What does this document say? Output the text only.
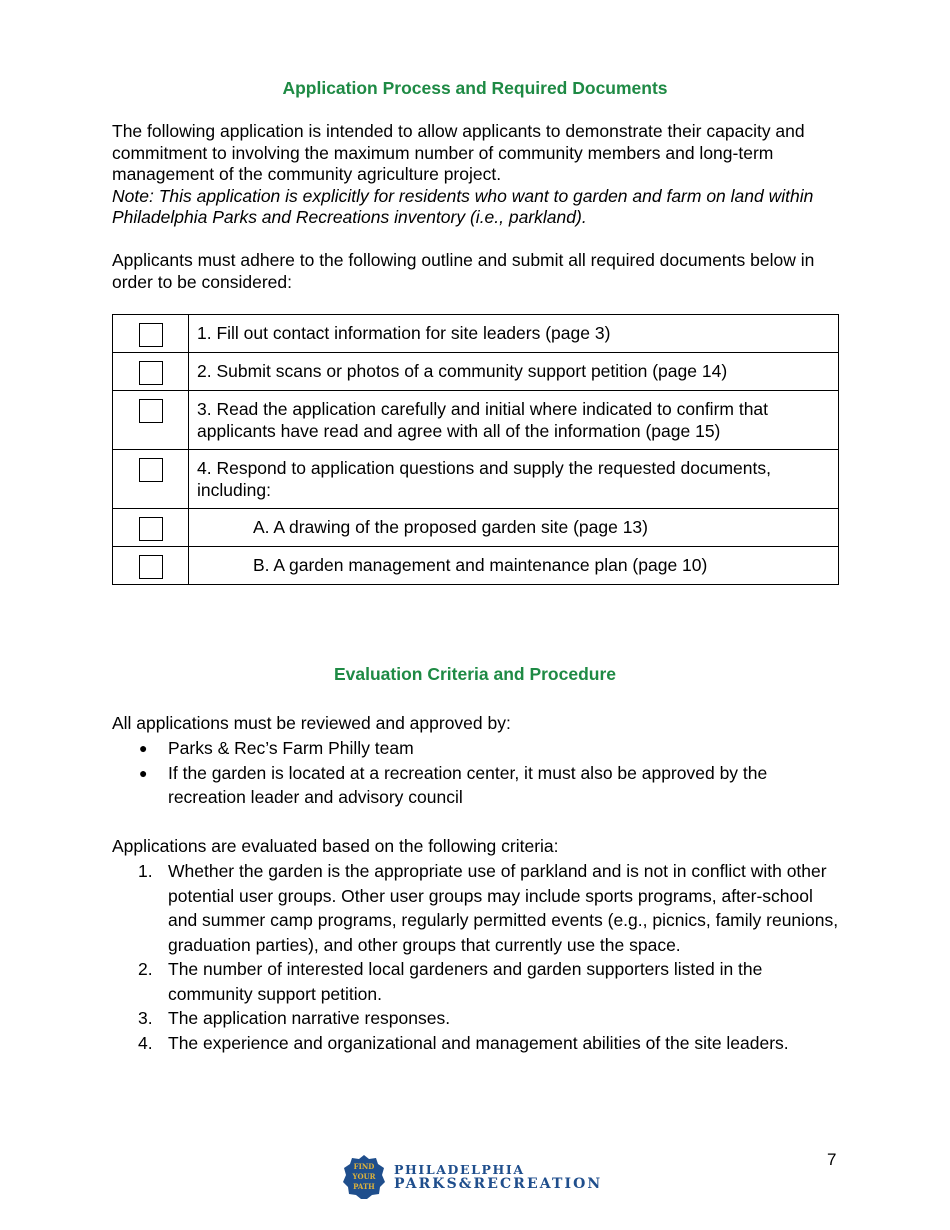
Application Process and Required Documents

The following application is intended to allow applicants to demonstrate their capacity and commitment to involving the maximum number of community members and long-term management of the community agriculture project.

Note: This application is explicitly for residents who want to garden and farm on land within Philadelphia Parks and Recreations inventory (i.e., parkland).

Applicants must adhere to the following outline and submit all required documents below in order to be considered:
	1. Fill out contact information for site leaders (page 3)
	2. Submit scans or photos of a community support petition (page 14)
	3. Read the application carefully and initial where indicated to confirm that applicants have read and agree with all of the information (page 15)
	4. Respond to application questions and supply the requested documents, including:
	A. A drawing of the proposed garden site (page 13)
	B. A garden management and maintenance plan (page 10)
Evaluation Criteria and Procedure
All applications must be reviewed and approved by:
● Parks & Rec’s Farm Philly team
● If the garden is located at a recreation center, it must also be approved by the recreation leader and advisory council
Applications are evaluated based on the following criteria:
1. Whether the garden is the appropriate use of parkland and is not in conflict with other potential user groups. Other user groups may include sports programs, after-school and summer camp programs, regularly permitted events (e.g., picnics, family reunions, graduation parties), and other groups that currently use the space.
2. The number of interested local gardeners and garden supporters listed in the community support petition.
3. The application narrative responses.
4. The experience and organizational and management abilities of the site leaders.
7
FIND
YOUR
PATH
PHILADELPHIA
PARKS&RECREATION
